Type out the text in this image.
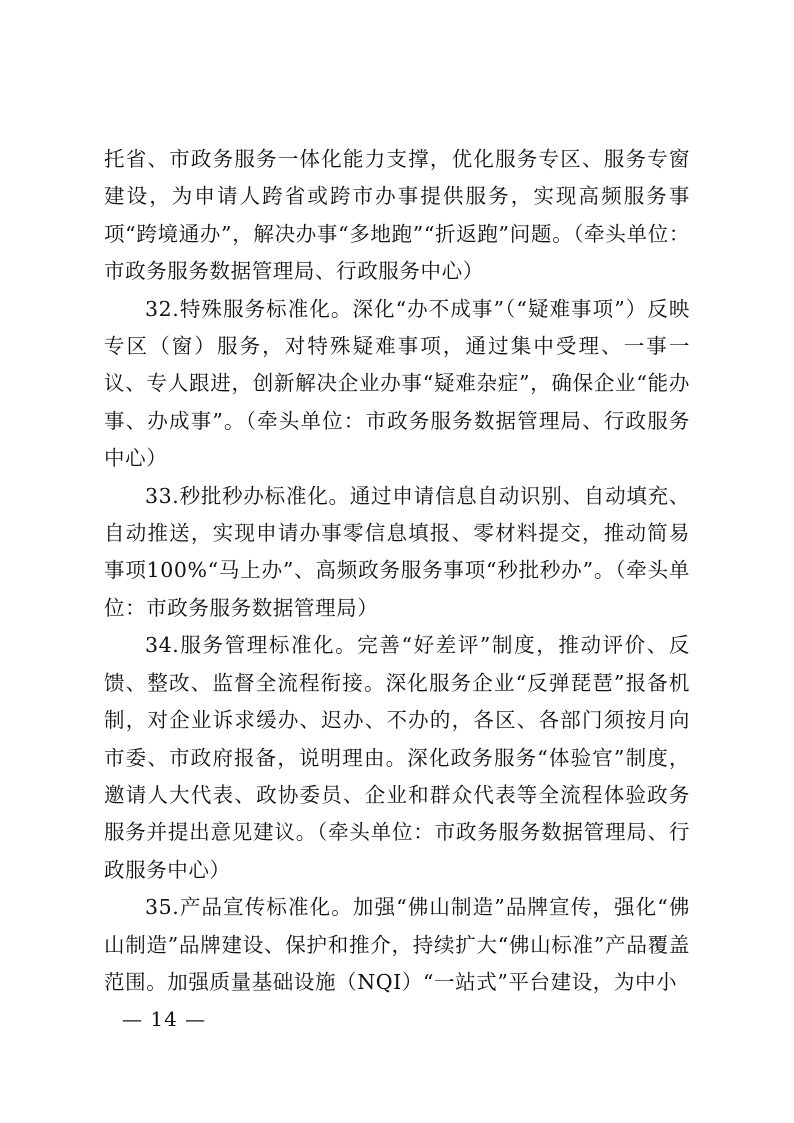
托省、市政务服务一体化能力支撑，优化服务专区、服务专窗建设，为申请人跨省或跨市办事提供服务，实现高频服务事项“跨境通办”，解决办事“多地跑”“折返跑”问题。（牵头单位：市政务服务数据管理局、行政服务中心）

32.特殊服务标准化。深化“办不成事”（“疑难事项”）反映专区（窗）服务，对特殊疑难事项，通过集中受理、一事一议、专人跟进，创新解决企业办事“疑难杂症”，确保企业“能办事、办成事”。（牵头单位：市政务服务数据管理局、行政服务中心）

33.秒批秒办标准化。通过申请信息自动识别、自动填充、自动推送，实现申请办事零信息填报、零材料提交，推动简易事项100%“马上办”、高频政务服务事项“秒批秒办”。（牵头单位：市政务服务数据管理局）

34.服务管理标准化。完善“好差评”制度，推动评价、反馈、整改、监督全流程衔接。深化服务企业“反弹琵琶”报备机制，对企业诉求缓办、迟办、不办的，各区、各部门须按月向市委、市政府报备，说明理由。深化政务服务“体验官”制度，邀请人大代表、政协委员、企业和群众代表等全流程体验政务服务并提出意见建议。（牵头单位：市政务服务数据管理局、行政服务中心）

35.产品宣传标准化。加强“佛山制造”品牌宣传，强化“佛山制造”品牌建设、保护和推介，持续扩大“佛山标准”产品覆盖范围。加强质量基础设施（NQI）“一站式”平台建设，为中小

— 14 —
